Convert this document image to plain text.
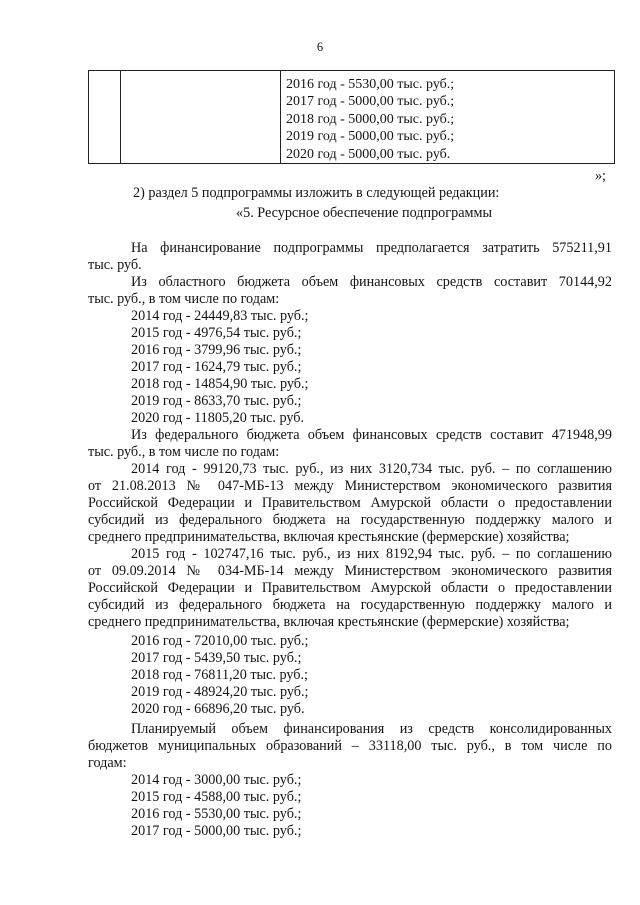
6
2016 год - 5530,00 тыс. руб.;
2017 год - 5000,00 тыс. руб.;
2018 год - 5000,00 тыс. руб.;
2019 год - 5000,00 тыс. руб.;
2020 год - 5000,00 тыс. руб.
»;
2) раздел 5 подпрограммы изложить в следующей редакции:
«5. Ресурсное обеспечение подпрограммы
На финансирование подпрограммы предполагается затратить 575211,91
тыс. руб.
Из областного бюджета объем финансовых средств составит 70144,92
тыс. руб., в том числе по годам:
2014 год - 24449,83 тыс. руб.;
2015 год - 4976,54 тыс. руб.;
2016 год - 3799,96 тыс. руб.;
2017 год - 1624,79 тыс. руб.;
2018 год - 14854,90 тыс. руб.;
2019 год - 8633,70 тыс. руб.;
2020 год - 11805,20 тыс. руб.
Из федерального бюджета объем финансовых средств составит 471948,99
тыс. руб., в том числе по годам:
2014 год - 99120,73 тыс. руб., из них 3120,734 тыс. руб. – по соглашению
от 21.08.2013 № 047-МБ-13 между Министерством экономического развития
Российской Федерации и Правительством Амурской области о предоставлении
субсидий из федерального бюджета на государственную поддержку малого и
среднего предпринимательства, включая крестьянские (фермерские) хозяйства;
2015 год - 102747,16 тыс. руб., из них 8192,94 тыс. руб. – по соглашению
от 09.09.2014 № 034-МБ-14 между Министерством экономического развития
Российской Федерации и Правительством Амурской области о предоставлении
субсидий из федерального бюджета на государственную поддержку малого и
среднего предпринимательства, включая крестьянские (фермерские) хозяйства;
2016 год - 72010,00 тыс. руб.;
2017 год - 5439,50 тыс. руб.;
2018 год - 76811,20 тыс. руб.;
2019 год - 48924,20 тыс. руб.;
2020 год - 66896,20 тыс. руб.
Планируемый объем финансирования из средств консолидированных
бюджетов муниципальных образований – 33118,00 тыс. руб., в том числе по
годам:
2014 год - 3000,00 тыс. руб.;
2015 год - 4588,00 тыс. руб.;
2016 год - 5530,00 тыс. руб.;
2017 год - 5000,00 тыс. руб.;
